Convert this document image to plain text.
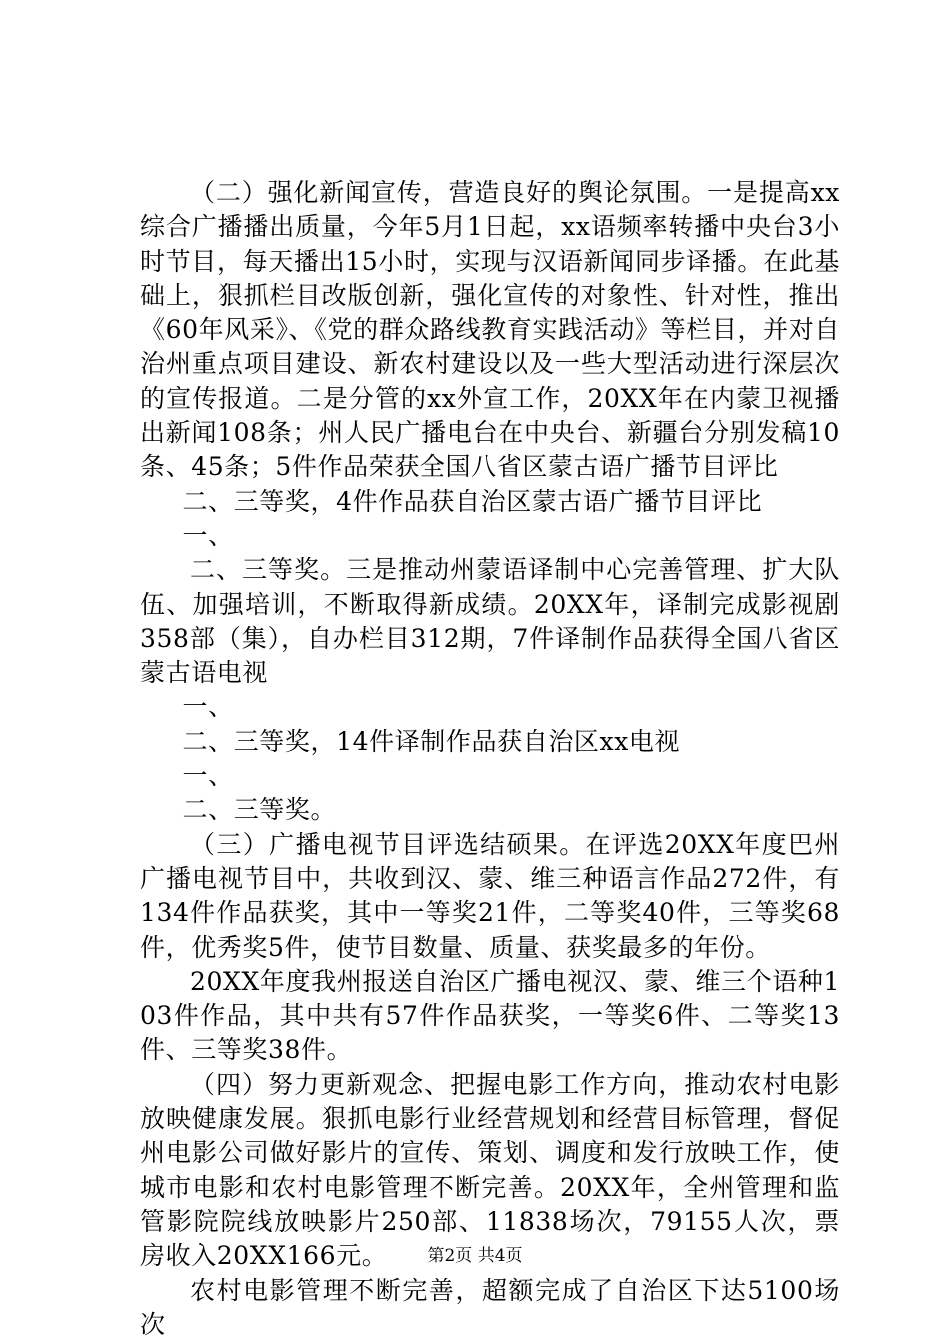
（二）强化新闻宣传，营造良好的舆论氛围。一是提高xx综合广播播出质量，今年5月1日起，xx语频率转播中央台3小时节目，每天播出15小时，实现与汉语新闻同步译播。在此基础上，狠抓栏目改版创新，强化宣传的对象性、针对性，推出《60年风采》、《党的群众路线教育实践活动》等栏目，并对自治州重点项目建设、新农村建设以及一些大型活动进行深层次的宣传报道。二是分管的xx外宣工作，20XX年在内蒙卫视播出新闻108条；州人民广播电台在中央台、新疆台分别发稿10条、45条；5件作品荣获全国八省区蒙古语广播节目评比

二、三等奖，4件作品获自治区蒙古语广播节目评比

一、

二、三等奖。三是推动州蒙语译制中心完善管理、扩大队伍、加强培训，不断取得新成绩。20XX年，译制完成影视剧358部（集），自办栏目312期，7件译制作品获得全国八省区蒙古语电视

一、

二、三等奖，14件译制作品获自治区xx电视

一、

二、三等奖。

（三）广播电视节目评选结硕果。在评选20XX年度巴州广播电视节目中，共收到汉、蒙、维三种语言作品272件，有134件作品获奖，其中一等奖21件，二等奖40件，三等奖68件，优秀奖5件，使节目数量、质量、获奖最多的年份。

20XX年度我州报送自治区广播电视汉、蒙、维三个语种103件作品，其中共有57件作品获奖，一等奖6件、二等奖13件、三等奖38件。

（四）努力更新观念、把握电影工作方向，推动农村电影放映健康发展。狠抓电影行业经营规划和经营目标管理，督促州电影公司做好影片的宣传、策划、调度和发行放映工作，使城市电影和农村电影管理不断完善。20XX年，全州管理和监管影院院线放映影片250部、11838场次，79155人次，票房收入20XX166元。

农村电影管理不断完善，超额完成了自治区下达5100场次

第2页 共4页
